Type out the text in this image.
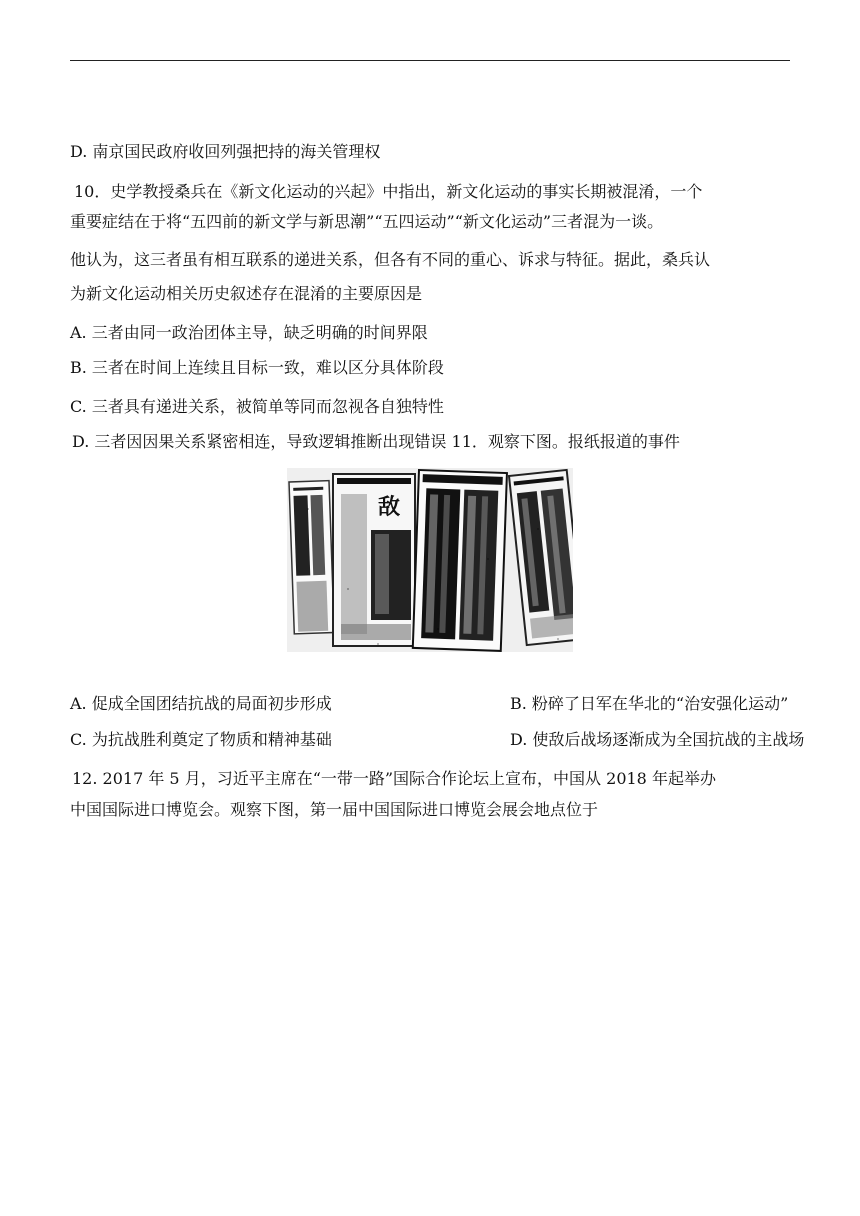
D. 南京国民政府收回列强把持的海关管理权
10．史学教授桑兵在《新文化运动的兴起》中指出，新文化运动的事实长期被混淆，一个
重要症结在于将“五四前的新文学与新思潮”“五四运动”“新文化运动”三者混为一谈。
他认为，这三者虽有相互联系的递进关系，但各有不同的重心、诉求与特征。据此，桑兵认
为新文化运动相关历史叙述存在混淆的主要原因是
A. 三者由同一政治团体主导，缺乏明确的时间界限
B. 三者在时间上连续且目标一致，难以区分具体阶段
C. 三者具有递进关系，被简单等同而忽视各自独特性
D. 三者因因果关系紧密相连，导致逻辑推断出现错误 11．观察下图。报纸报道的事件
敌
A. 促成全国团结抗战的局面初步形成	B. 粉碎了日军在华北的“治安强化运动”
C. 为抗战胜利奠定了物质和精神基础	D. 使敌后战场逐渐成为全国抗战的主战场
12. 2017 年 5 月，习近平主席在“一带一路”国际合作论坛上宣布，中国从 2018 年起举办
中国国际进口博览会。观察下图，第一届中国国际进口博览会展会地点位于
